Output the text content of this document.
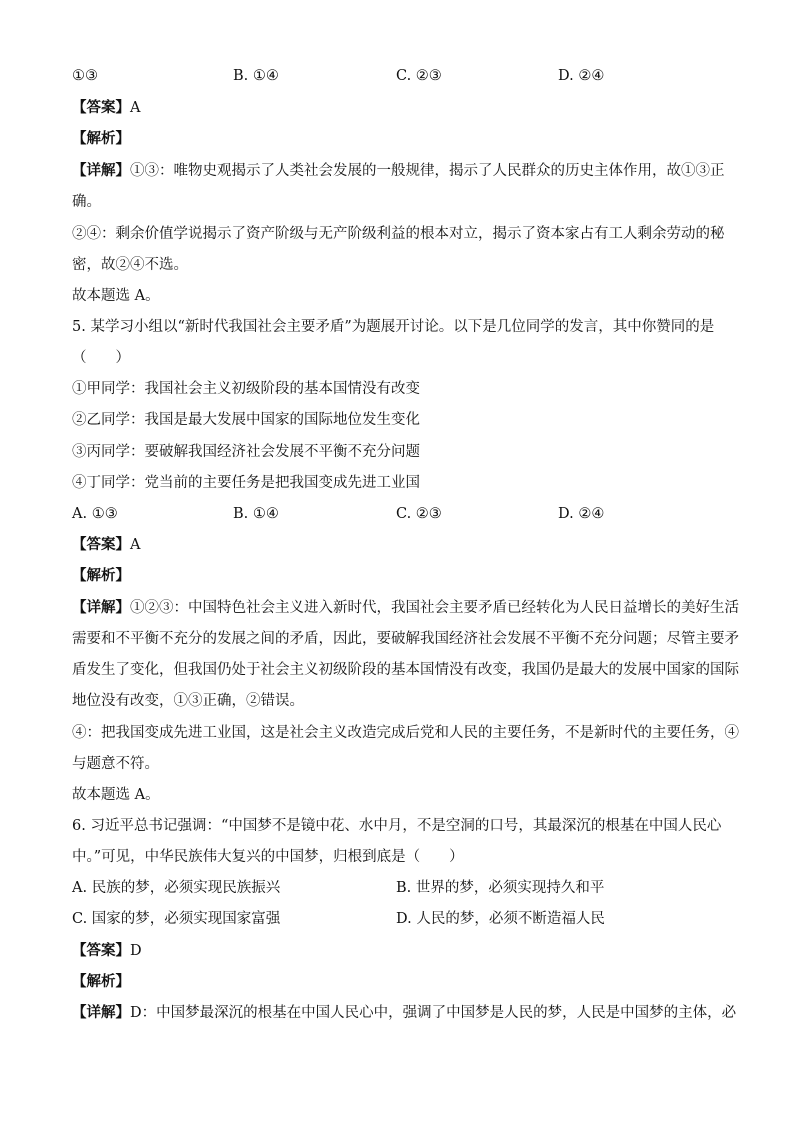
①③	B. ①④	C. ②③	D. ②④
【答案】A
【解析】
【详解】①③：唯物史观揭示了人类社会发展的一般规律，揭示了人民群众的历史主体作用，故①③正
确。
②④：剩余价值学说揭示了资产阶级与无产阶级利益的根本对立，揭示了资本家占有工人剩余劳动的秘
密，故②④不选。
故本题选 A。
5. 某学习小组以“新时代我国社会主要矛盾”为题展开讨论。以下是几位同学的发言，其中你赞同的是
（　　）
①甲同学：我国社会主义初级阶段的基本国情没有改变
②乙同学：我国是最大发展中国家的国际地位发生变化
③丙同学：要破解我国经济社会发展不平衡不充分问题
④丁同学：党当前的主要任务是把我国变成先进工业国
A. ①③	B. ①④	C. ②③	D. ②④
【答案】A
【解析】
【详解】①②③：中国特色社会主义进入新时代，我国社会主要矛盾已经转化为人民日益增长的美好生活
需要和不平衡不充分的发展之间的矛盾，因此，要破解我国经济社会发展不平衡不充分问题；尽管主要矛
盾发生了变化，但我国仍处于社会主义初级阶段的基本国情没有改变，我国仍是最大的发展中国家的国际
地位没有改变，①③正确，②错误。
④：把我国变成先进工业国，这是社会主义改造完成后党和人民的主要任务，不是新时代的主要任务，④
与题意不符。
故本题选 A。
6. 习近平总书记强调：“中国梦不是镜中花、水中月，不是空洞的口号，其最深沉的根基在中国人民心
中。”可见，中华民族伟大复兴的中国梦，归根到底是（　　）
A. 民族的梦，必须实现民族振兴	B. 世界的梦，必须实现持久和平
C. 国家的梦，必须实现国家富强	D. 人民的梦，必须不断造福人民
【答案】D
【解析】
【详解】D：中国梦最深沉的根基在中国人民心中，强调了中国梦是人民的梦，人民是中国梦的主体，必
